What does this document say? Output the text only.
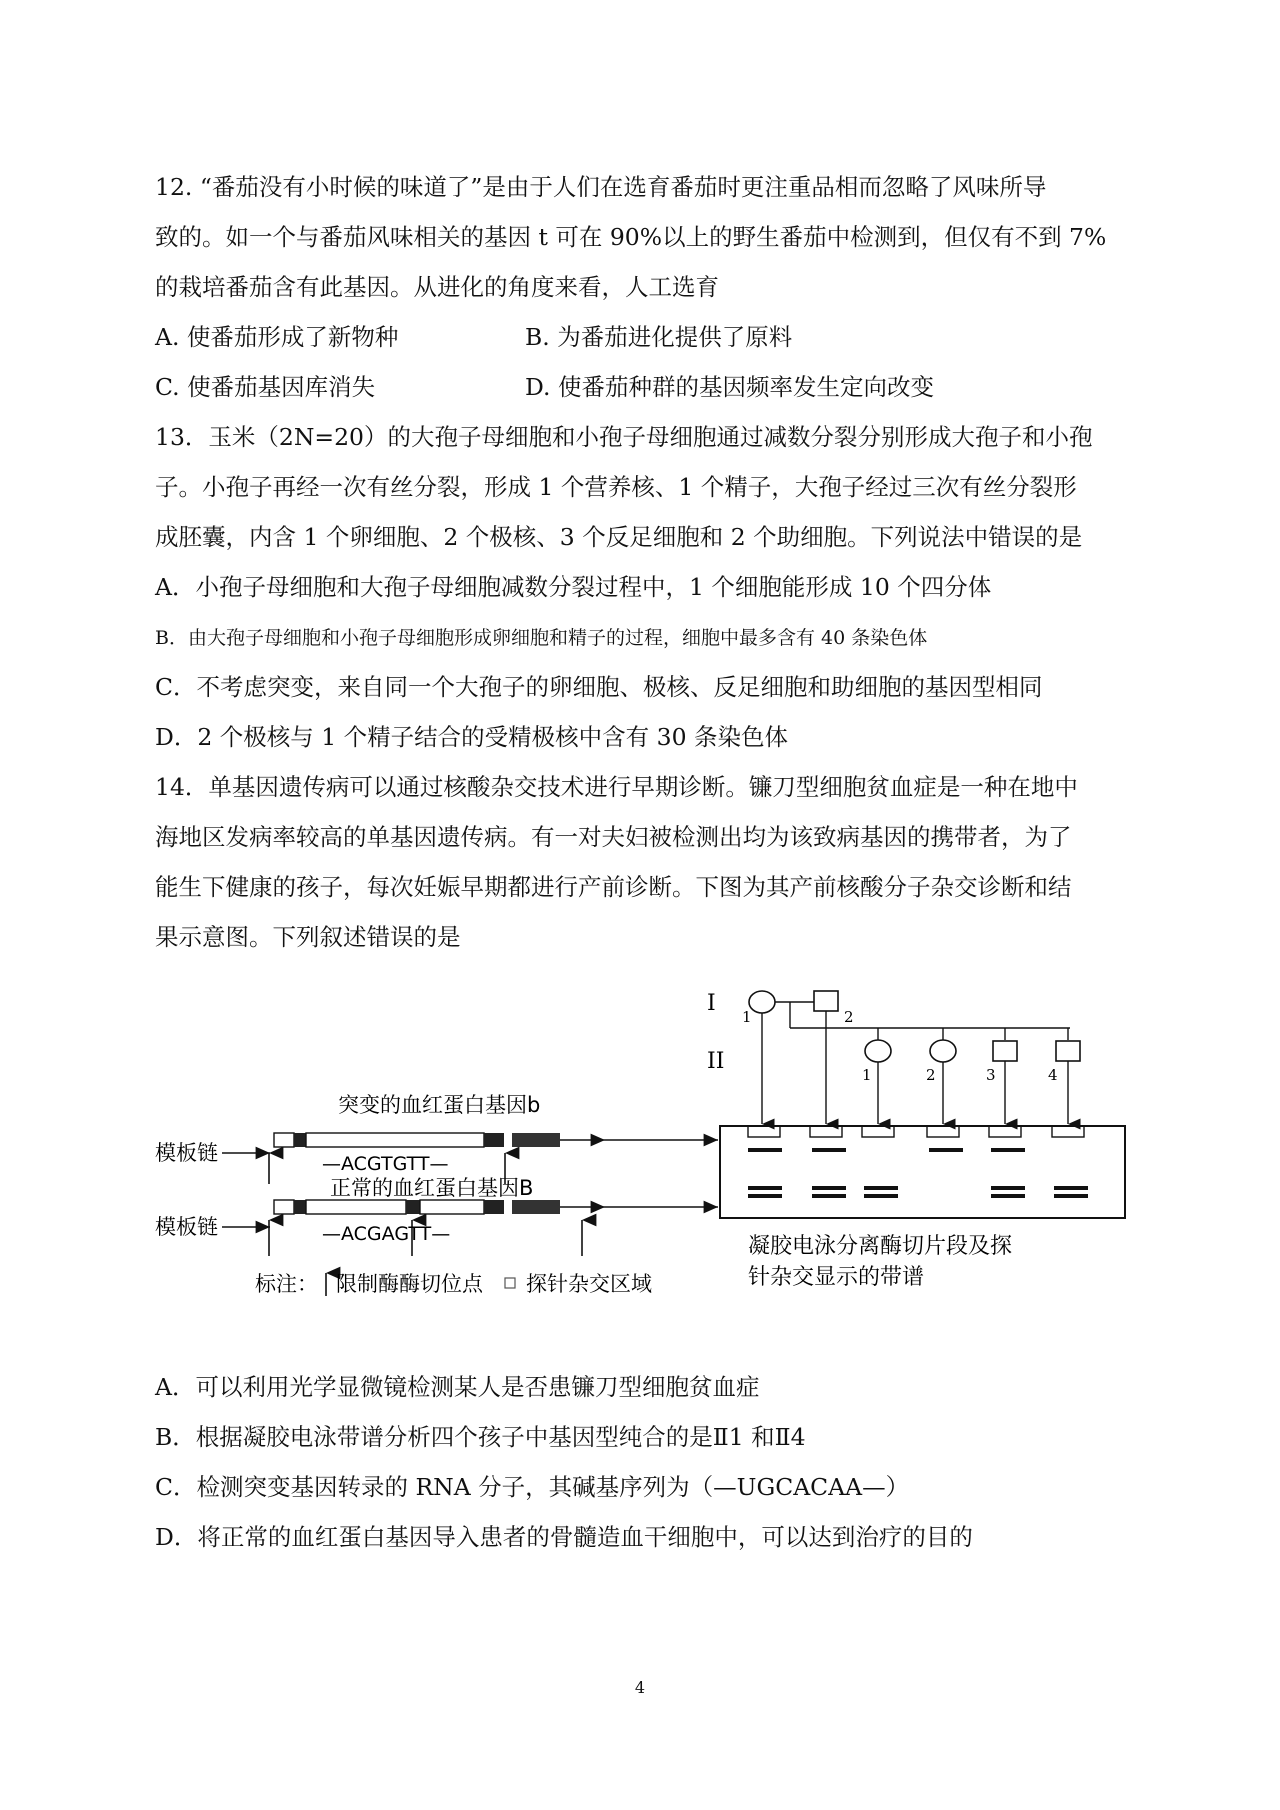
12. “番茄没有小时候的味道了”是由于人们在选育番茄时更注重品相而忽略了风味所导
致的。如一个与番茄风味相关的基因 t 可在 90%以上的野生番茄中检测到，但仅有不到 7%
的栽培番茄含有此基因。从进化的角度来看，人工选育
A. 使番茄形成了新物种	B. 为番茄进化提供了原料
C. 使番茄基因库消失	D. 使番茄种群的基因频率发生定向改变
13．玉米（2N=20）的大孢子母细胞和小孢子母细胞通过减数分裂分别形成大孢子和小孢
子。小孢子再经一次有丝分裂，形成 1 个营养核、1 个精子，大孢子经过三次有丝分裂形
成胚囊，内含 1 个卵细胞、2 个极核、3 个反足细胞和 2 个助细胞。下列说法中错误的是
A．小孢子母细胞和大孢子母细胞减数分裂过程中，1 个细胞能形成 10 个四分体
B．由大孢子母细胞和小孢子母细胞形成卵细胞和精子的过程，细胞中最多含有 40 条染色体
C．不考虑突变，来自同一个大孢子的卵细胞、极核、反足细胞和助细胞的基因型相同
D．2 个极核与 1 个精子结合的受精极核中含有 30 条染色体
14．单基因遗传病可以通过核酸杂交技术进行早期诊断。镰刀型细胞贫血症是一种在地中
海地区发病率较高的单基因遗传病。有一对夫妇被检测出均为该致病基因的携带者，为了
能生下健康的孩子，每次妊娠早期都进行产前诊断。下图为其产前核酸分子杂交诊断和结
果示意图。下列叙述错误的是
I
II
1	2
1	2	3	4
突变的血红蛋白基因b
模板链	—ACGTGTT—
正常的血红蛋白基因B
模板链	—ACGAGTT—
标注： 限制酶酶切位点 探针杂交区域
凝胶电泳分离酶切片段及探
针杂交显示的带谱
A．可以利用光学显微镜检测某人是否患镰刀型细胞贫血症
B．根据凝胶电泳带谱分析四个孩子中基因型纯合的是Ⅱ1 和Ⅱ4
C．检测突变基因转录的 RNA 分子，其碱基序列为（—UGCACAA—）
D．将正常的血红蛋白基因导入患者的骨髓造血干细胞中，可以达到治疗的目的
4
